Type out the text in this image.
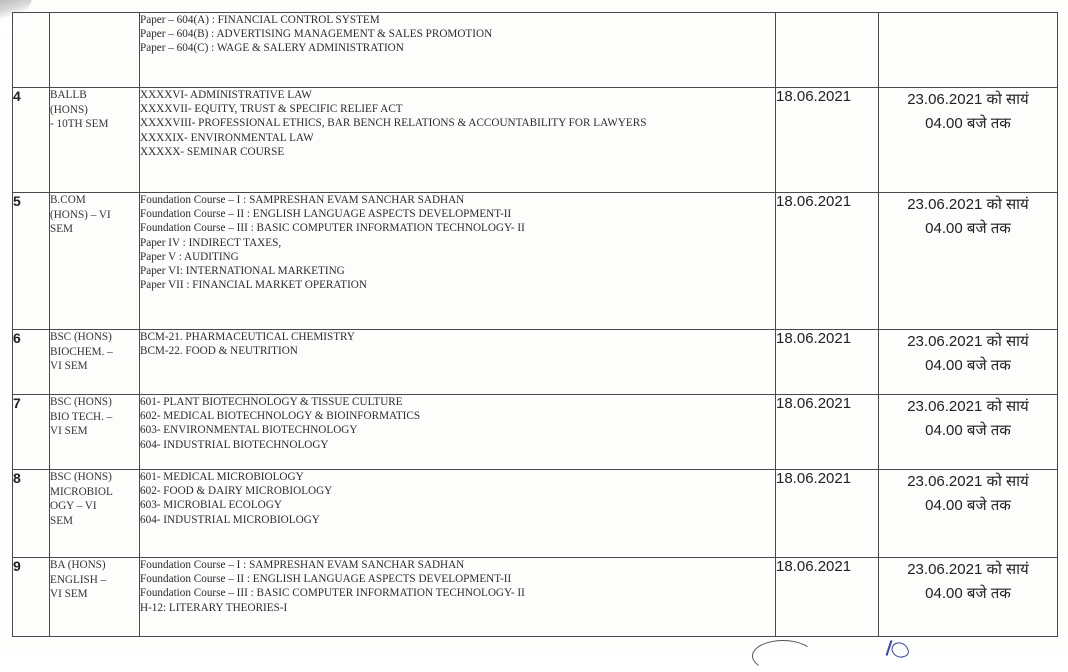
		Paper – 604(A) : FINANCIAL CONTROL SYSTEM
Paper – 604(B) : ADVERTISING MANAGEMENT & SALES PROMOTION
Paper – 604(C) : WAGE & SALERY ADMINISTRATION		

4	BALLB
(HONS)
- 10TH SEM	XXXXVI- ADMINISTRATIVE LAW
XXXXVII- EQUITY, TRUST & SPECIFIC RELIEF ACT
XXXXVIII- PROFESSIONAL ETHICS, BAR BENCH RELATIONS & ACCOUNTABILITY FOR LAWYERS
XXXXIX- ENVIRONMENTAL LAW
XXXXX- SEMINAR COURSE	18.06.2021	23.06.2021 को सायं
04.00 बजे तक

5	B.COM
(HONS) – VI
SEM

Foundation Course – I : SAMPRESHAN EVAM SANCHAR SADHAN
Foundation Course – II : ENGLISH LANGUAGE ASPECTS DEVELOPMENT-II
Foundation Course – III : BASIC COMPUTER INFORMATION TECHNOLOGY- II
Paper IV : INDIRECT TAXES,
Paper V : AUDITING
Paper VI: INTERNATIONAL MARKETING
Paper VII : FINANCIAL MARKET OPERATION
	18.06.2021	23.06.2021 को सायं
04.00 बजे तक

6	BSC (HONS)
BIOCHEM. –
VI SEM	BCM-21. PHARMACEUTICAL CHEMISTRY
BCM-22. FOOD & NEUTRITION	18.06.2021	23.06.2021 को सायं
04.00 बजे तक

7	BSC (HONS)
BIO TECH. –
VI SEM	601- PLANT BIOTECHNOLOGY & TISSUE CULTURE
602- MEDICAL BIOTECHNOLOGY & BIOINFORMATICS
603- ENVIRONMENTAL BIOTECHNOLOGY
604- INDUSTRIAL BIOTECHNOLOGY	18.06.2021	23.06.2021 को सायं
04.00 बजे तक

8	BSC (HONS)
MICROBIOL
OGY – VI
SEM	601- MEDICAL MICROBIOLOGY
602- FOOD & DAIRY MICROBIOLOGY
603- MICROBIAL ECOLOGY
604- INDUSTRIAL MICROBIOLOGY	18.06.2021	23.06.2021 को सायं
04.00 बजे तक

9	BA (HONS)
ENGLISH –
VI SEM

Foundation Course – I : SAMPRESHAN EVAM SANCHAR SADHAN
Foundation Course – II : ENGLISH LANGUAGE ASPECTS DEVELOPMENT-II
Foundation Course – III : BASIC COMPUTER INFORMATION TECHNOLOGY- II
H-12: LITERARY THEORIES-I
	18.06.2021	23.06.2021 को सायं
04.00 बजे तक
